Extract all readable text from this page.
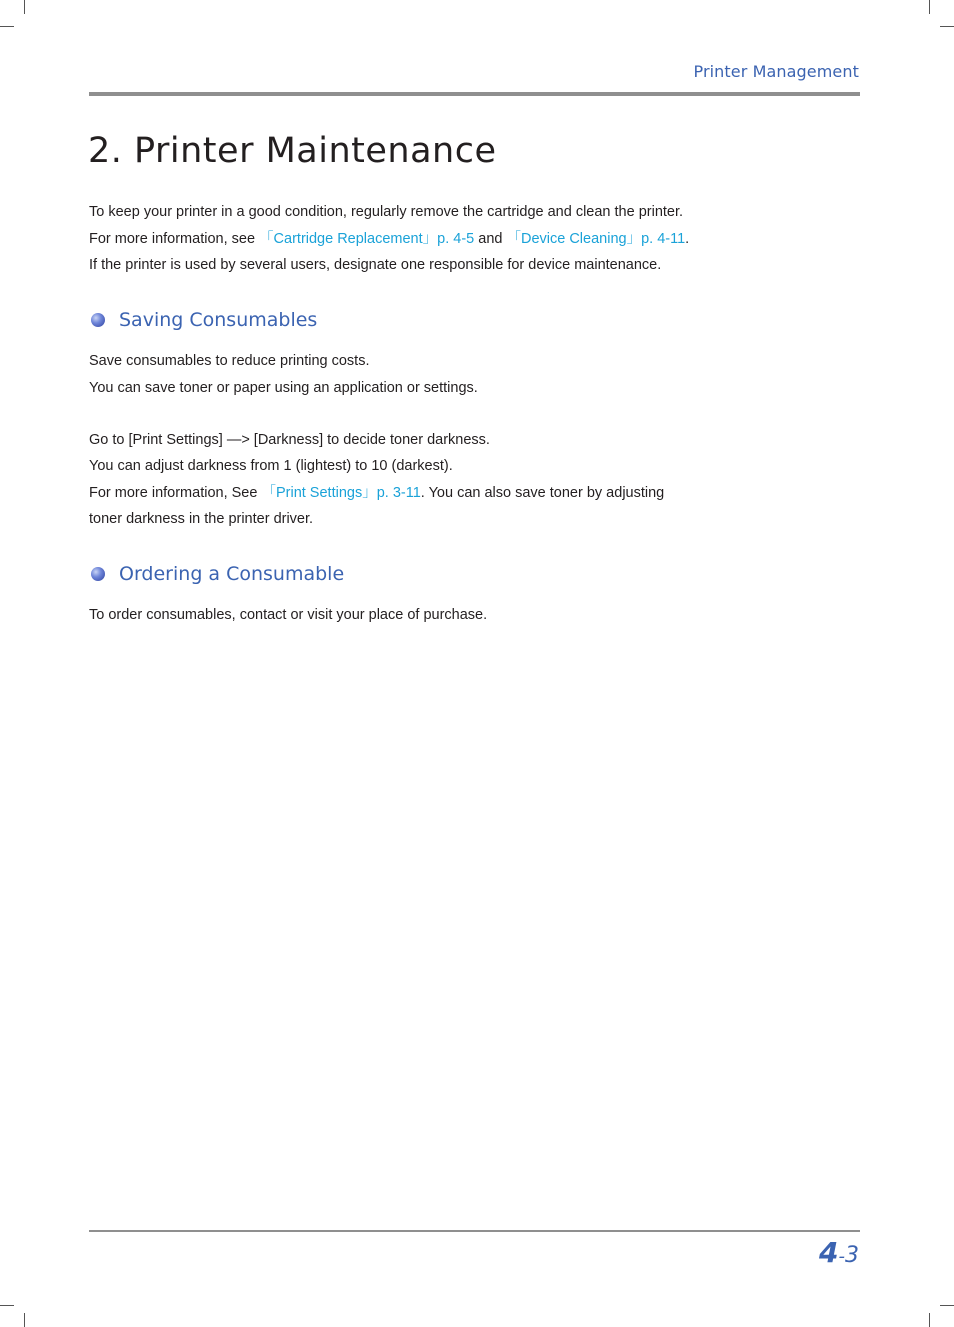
Printer Management
2. Printer Maintenance
To keep your printer in a good condition, regularly remove the cartridge and clean the printer.
For more information, see 「Cartridge Replacement」p. 4-5 and 「Device Cleaning」p. 4-11.
If the printer is used by several users, designate one responsible for device maintenance.
Saving Consumables
Save consumables to reduce printing costs.
You can save toner or paper using an application or settings.
Go to [Print Settings] —> [Darkness] to decide toner darkness.
You can adjust darkness from 1 (lightest) to 10 (darkest).
For more information, See 「Print Settings」p. 3-11. You can also save toner by adjusting
toner darkness in the printer driver.
Ordering a Consumable
To order consumables, contact or visit your place of purchase.
4-3
